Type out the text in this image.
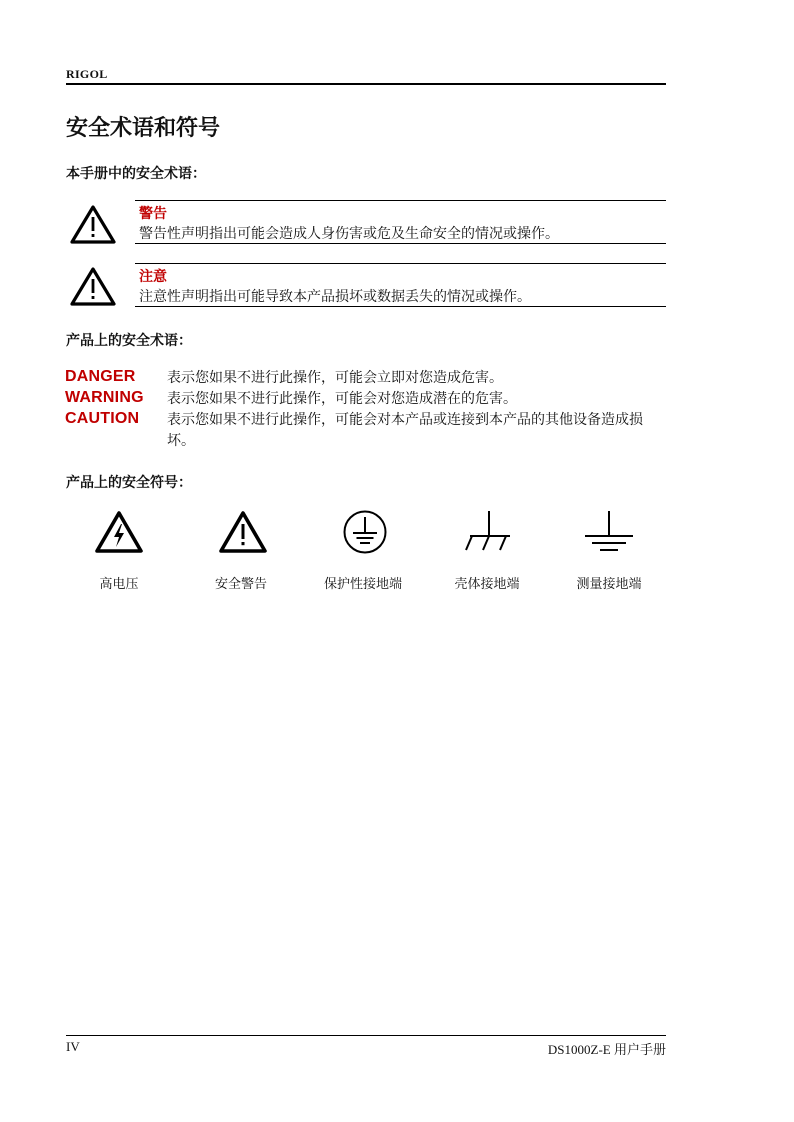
RIGOL
安全术语和符号
本手册中的安全术语：
警告
警告性声明指出可能会造成人身伤害或危及生命安全的情况或操作。
注意
注意性声明指出可能导致本产品损坏或数据丢失的情况或操作。
产品上的安全术语：
DANGER 表示您如果不进行此操作，可能会立即对您造成危害。
WARNING 表示您如果不进行此操作，可能会对您造成潜在的危害。
CAUTION 表示您如果不进行此操作，可能会对本产品或连接到本产品的其他设备造成损坏。
产品上的安全符号：
高电压	安全警告	保护性接地端	壳体接地端	测量接地端
IV	DS1000Z-E 用户手册
